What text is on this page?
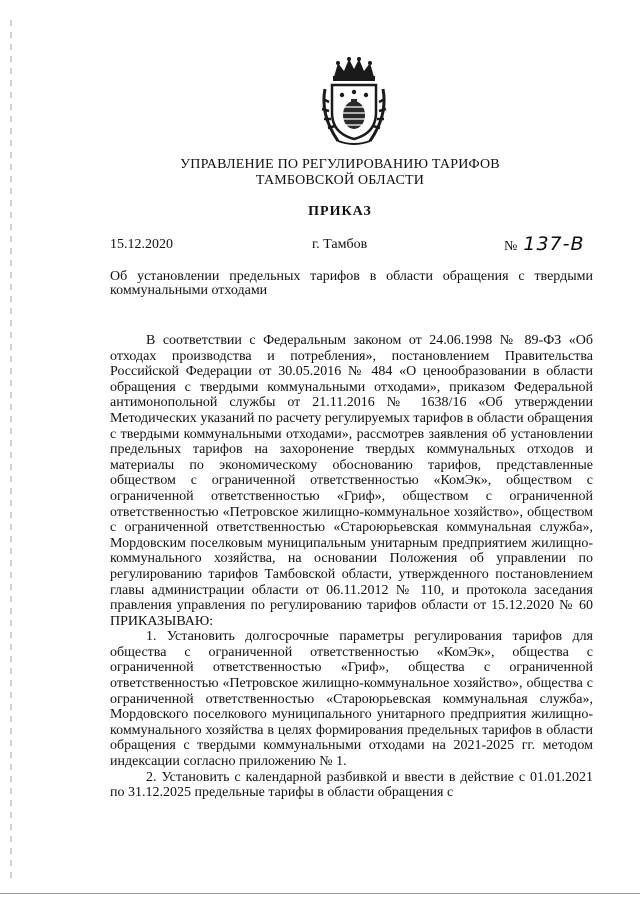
УПРАВЛЕНИЕ ПО РЕГУЛИРОВАНИЮ ТАРИФОВ
ТАМБОВСКОЙ ОБЛАСТИ
ПРИКАЗ
15.12.2020	г. Тамбов	№ 137-В
Об установлении предельных тарифов в области обращения с твердыми коммунальными отходами

В соответствии с Федеральным законом от 24.06.1998 № 89-ФЗ «Об отходах производства и потребления», постановлением Правительства Российской Федерации от 30.05.2016 № 484 «О ценообразовании в области обращения с твердыми коммунальными отходами», приказом Федеральной антимонопольной службы от 21.11.2016 № 1638/16 «Об утверждении Методических указаний по расчету регулируемых тарифов в области обращения с твердыми коммунальными отходами», рассмотрев заявления об установлении предельных тарифов на захоронение твердых коммунальных отходов и материалы по экономическому обоснованию тарифов, представленные обществом с ограниченной ответственностью «КомЭк», обществом с ограниченной ответственностью «Гриф», обществом с ограниченной ответственностью «Петровское жилищно-коммунальное хозяйство», обществом с ограниченной ответственностью «Староюрьевская коммунальная служба», Мордовским поселковым муниципальным унитарным предприятием жилищно-коммунального хозяйства, на основании Положения об управлении по регулированию тарифов Тамбовской области, утвержденного постановлением главы администрации области от 06.11.2012 № 110, и протокола заседания правления управления по регулированию тарифов области от 15.12.2020 № 60 ПРИКАЗЫВАЮ:

1. Установить долгосрочные параметры регулирования тарифов для общества с ограниченной ответственностью «КомЭк», общества с ограниченной ответственностью «Гриф», общества с ограниченной ответственностью «Петровское жилищно-коммунальное хозяйство», общества с ограниченной ответственностью «Староюрьевская коммунальная служба», Мордовского поселкового муниципального унитарного предприятия жилищно-коммунального хозяйства в целях формирования предельных тарифов в области обращения с твердыми коммунальными отходами на 2021-2025 гг. методом индексации согласно приложению № 1.

2. Установить с календарной разбивкой и ввести в действие с 01.01.2021 по 31.12.2025 предельные тарифы в области обращения с
